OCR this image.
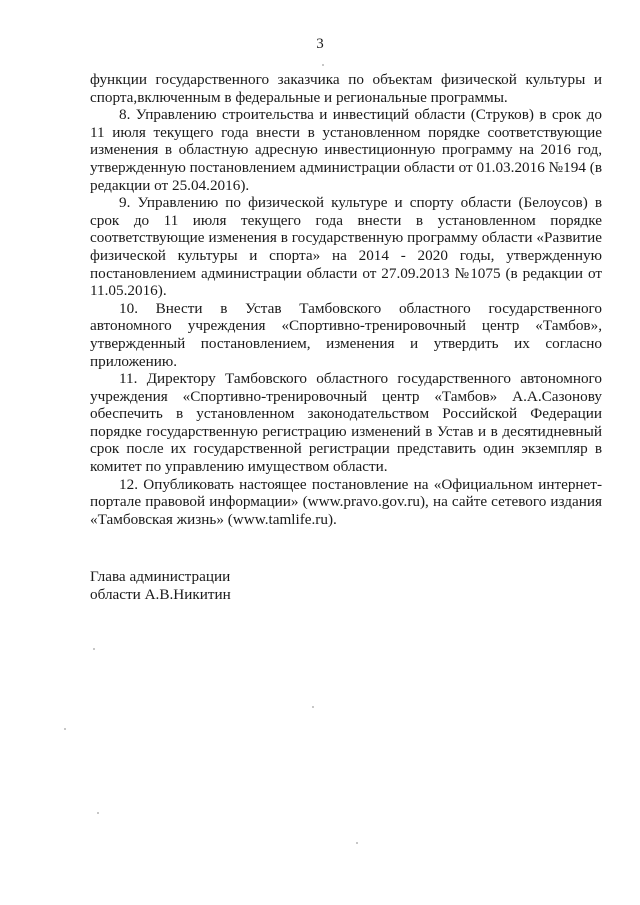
3

функции государственного заказчика по объектам физической культуры и спорта,включенным в федеральные и региональные программы.

8. Управлению строительства и инвестиций области (Струков) в срок до 11 июля текущего года внести в установленном порядке соответствующие изменения в областную адресную инвестиционную программу на 2016 год, утвержденную постановлением администрации области от 01.03.2016 №194 (в редакции от 25.04.2016).

9. Управлению по физической культуре и спорту области (Белоусов) в срок до 11 июля текущего года внести в установленном порядке соответствующие изменения в государственную программу области «Развитие физической культуры и спорта» на 2014 - 2020 годы, утвержденную постановлением администрации области от 27.09.2013 №1075 (в редакции от 11.05.2016).

10. Внести в Устав Тамбовского областного государственного автономного учреждения «Спортивно-тренировочный центр «Тамбов», утвержденный постановлением, изменения и утвердить их согласно приложению.

11. Директору Тамбовского областного государственного автономного учреждения «Спортивно-тренировочный центр «Тамбов» А.А.Сазонову обеспечить в установленном законодательством Российской Федерации порядке государственную регистрацию изменений в Устав и в десятидневный срок после их государственной регистрации представить один экземпляр в комитет по управлению имуществом области.

12. Опубликовать настоящее постановление на «Официальном интернет-портале правовой информации» (www.pravo.gov.ru), на сайте сетевого издания «Тамбовская жизнь» (www.tamlife.ru).

Глава администрации
области А.В.Никитин
